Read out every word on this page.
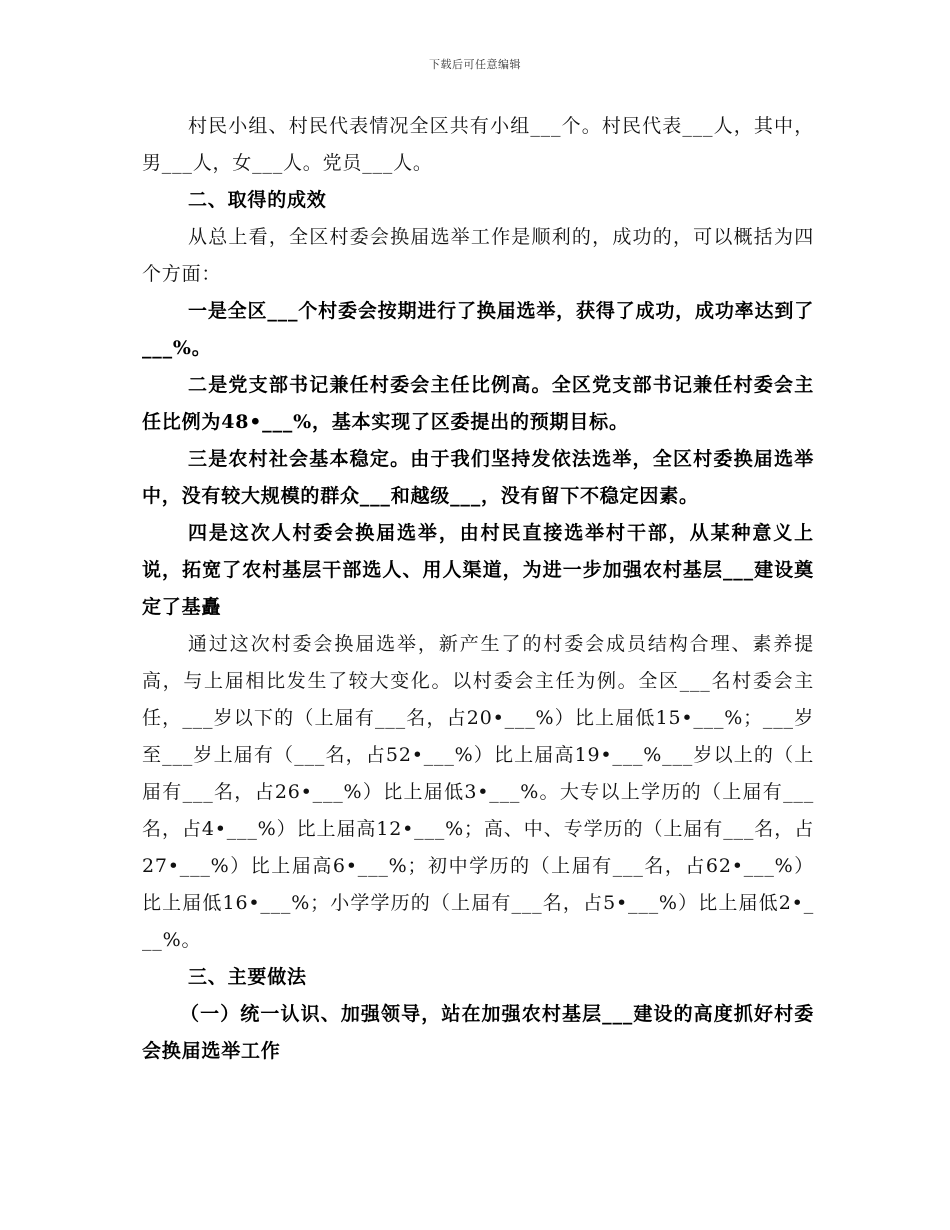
下载后可任意编辑

村民小组、村民代表情况全区共有小组___个。村民代表___人，其中，男___人，女___人。党员___人。

二、取得的成效

从总上看，全区村委会换届选举工作是顺利的，成功的，可以概括为四个方面：

一是全区___个村委会按期进行了换届选举，获得了成功，成功率达到了___%。

二是党支部书记兼任村委会主任比例高。全区党支部书记兼任村委会主任比例为48•___%，基本实现了区委提出的预期目标。

三是农村社会基本稳定。由于我们坚持发依法选举，全区村委换届选举中，没有较大规模的群众___和越级___，没有留下不稳定因素。

四是这次人村委会换届选举，由村民直接选举村干部，从某种意义上说，拓宽了农村基层干部选人、用人渠道，为进一步加强农村基层___建设奠定了基矗

通过这次村委会换届选举，新产生了的村委会成员结构合理、素养提高，与上届相比发生了较大变化。以村委会主任为例。全区___名村委会主任，___岁以下的（上届有___名，占20•___%）比上届低15•___%；___岁至___岁上届有（___名，占52•___%）比上届高19•___%___岁以上的（上届有___名，占26•___%）比上届低3•___%。大专以上学历的（上届有___名，占4•___%）比上届高12•___%；高、中、专学历的（上届有___名，占27•___%）比上届高6•___%；初中学历的（上届有___名，占62•___%）比上届低16•___%；小学学历的（上届有___名，占5•___%）比上届低2•___%。

三、主要做法

（一）统一认识、加强领导，站在加强农村基层___建设的高度抓好村委会换届选举工作
